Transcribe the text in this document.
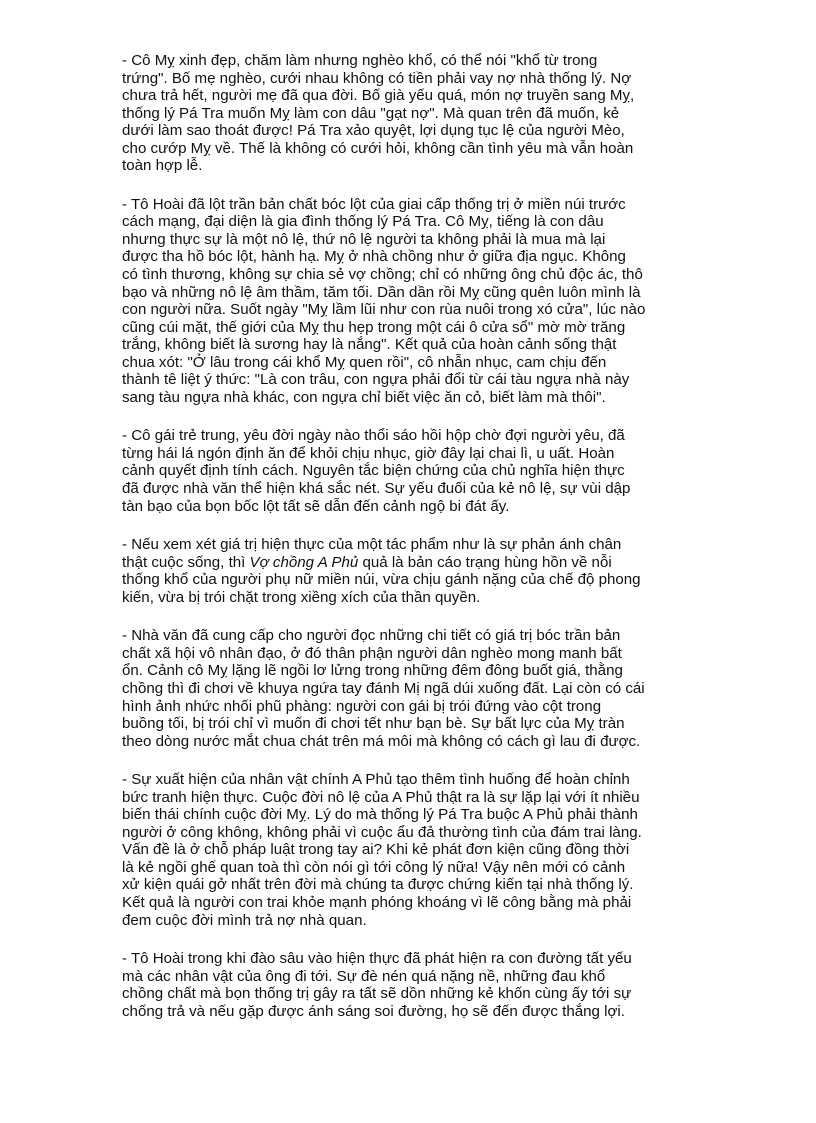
- Cô Mỵ xinh đẹp, chăm làm nhưng nghèo khổ, có thể nói "khổ từ trong
trứng". Bố mẹ nghèo, cưới nhau không có tiền phải vay nợ nhà thống lý. Nợ
chưa trả hết, người mẹ đã qua đời. Bố già yếu quá, món nợ truyền sang Mỵ,
thống lý Pá Tra muốn Mỵ làm con dâu "gạt nợ". Mà quan trên đã muốn, kẻ
dưới làm sao thoát được! Pá Tra xảo quyệt, lợi dụng tục lệ của người Mèo,
cho cướp Mỵ về. Thế là không có cưới hỏi, không cần tình yêu mà vẫn hoàn
toàn hợp lễ.

- Tô Hoài đã lột trần bản chất bóc lột của giai cấp thống trị ở miền núi trước
cách mạng, đại diện là gia đình thống lý Pá Tra. Cô Mỵ, tiếng là con dâu
nhưng thực sự là một nô lệ, thứ nô lệ người ta không phải là mua mà lại
được tha hồ bóc lột, hành hạ. Mỵ ở nhà chồng như ở giữa địa ngục. Không
có tình thương, không sự chia sẻ vợ chồng; chỉ có những ông chủ độc ác, thô
bạo và những nô lệ âm thầm, tăm tối. Dần dần rồi Mỵ cũng quên luôn mình là
con người nữa. Suốt ngày "Mỵ lầm lũi như con rùa nuôi trong xó cửa", lúc nào
cũng cúi mặt, thế giới của Mỵ thu hẹp trong một cái ô cửa sổ" mờ mờ trăng
trắng, không biết là sương hay là nắng". Kết quả của hoàn cảnh sống thật
chua xót: "Ở lâu trong cái khổ Mỵ quen rồi", cô nhẫn nhục, cam chịu đến
thành tê liệt ý thức: "Là con trâu, con ngựa phải đổi từ cái tàu ngựa nhà này
sang tàu ngựa nhà khác, con ngựa chỉ biết việc ăn cỏ, biết làm mà thôi".

- Cô gái trẻ trung, yêu đời ngày nào thổi sáo hồi hộp chờ đợi người yêu, đã
từng hái lá ngón định ăn để khỏi chịu nhục, giờ đây lại chai lì, u uất. Hoàn
cảnh quyết định tính cách. Nguyên tắc biện chứng của chủ nghĩa hiện thực
đã được nhà văn thể hiện khá sắc nét. Sự yếu đuối của kẻ nô lệ, sự vùi dập
tàn bạo của bọn bốc lột tất sẽ dẫn đến cảnh ngộ bi đát ấy.

- Nếu xem xét giá trị hiện thực của một tác phẩm như là sự phản ánh chân
thật cuộc sống, thì Vợ chồng A Phủ quả là bản cáo trạng hùng hồn về nỗi
thống khổ của người phụ nữ miền núi, vừa chịu gánh nặng của chế độ phong
kiến, vừa bị trói chặt trong xiềng xích của thần quyền.

- Nhà văn đã cung cấp cho người đọc những chi tiết có giá trị bóc trần bản
chất xã hội vô nhân đạo, ở đó thân phận người dân nghèo mong manh bất
ổn. Cảnh cô Mỵ lặng lẽ ngồi lơ lửng trong những đêm đông buốt giá, thằng
chồng thì đi chơi về khuya ngứa tay đánh Mị ngã dúi xuống đất. Lại còn có cái
hình ảnh nhức nhối phũ phàng: người con gái bị trói đứng vào cột trong
buồng tối, bị trói chỉ vì muốn đi chơi tết như bạn bè. Sự bất lực của Mỵ tràn
theo dòng nước mắt chua chát trên má môi mà không có cách gì lau đi được.

- Sự xuất hiện của nhân vật chính A Phủ tạo thêm tình huống để hoàn chỉnh
bức tranh hiện thực. Cuộc đời nô lệ của A Phủ thật ra là sự lặp lại với ít nhiều
biến thái chính cuộc đời Mỵ. Lý do mà thống lý Pá Tra buộc A Phủ phải thành
người ở công không, không phải vì cuộc ẩu đả thường tình của đám trai làng.
Vấn đề là ở chỗ pháp luật trong tay ai? Khi kẻ phát đơn kiện cũng đồng thời
là kẻ ngồi ghế quan toà thì còn nói gì tới công lý nữa! Vậy nên mới có cảnh
xử kiện quái gở nhất trên đời mà chúng ta được chứng kiến tại nhà thống lý.
Kết quả là người con trai khỏe mạnh phóng khoáng vì lẽ công bằng mà phải
đem cuộc đời mình trả nợ nhà quan.

- Tô Hoài trong khi đào sâu vào hiện thực đã phát hiện ra con đường tất yếu
mà các nhân vật của ông đi tới. Sự đè nén quá nặng nề, những đau khổ
chồng chất mà bọn thống trị gây ra tất sẽ dồn những kẻ khốn cùng ấy tới sự
chống trả và nếu gặp được ánh sáng soi đường, họ sẽ đến được thắng lợi.
